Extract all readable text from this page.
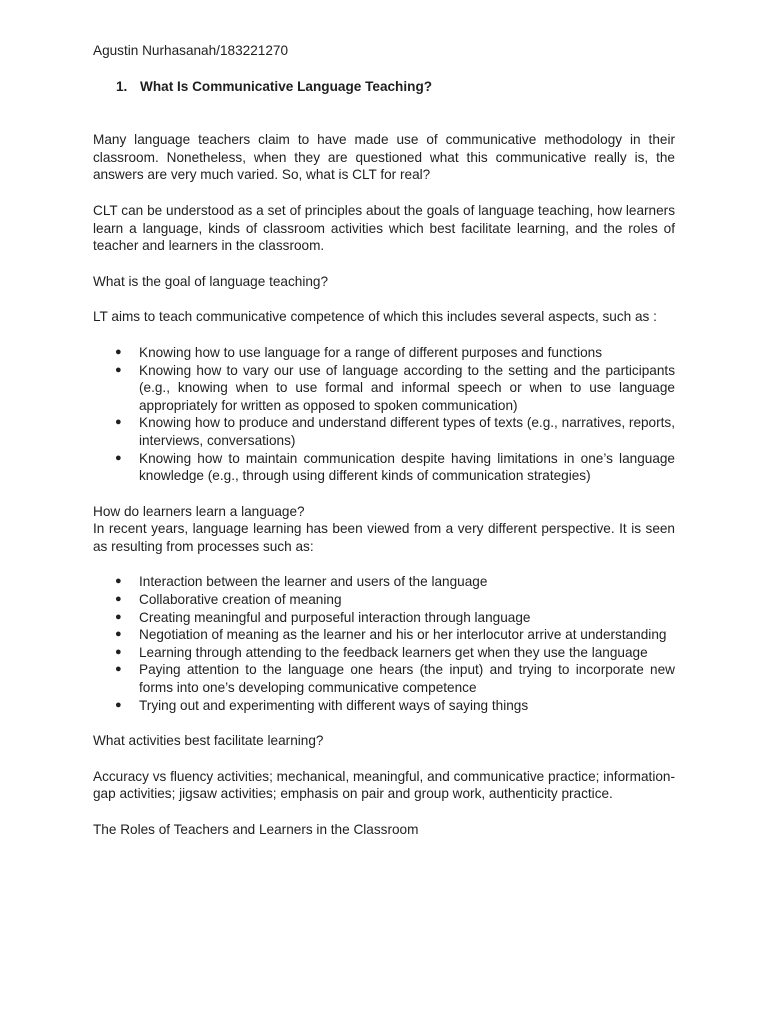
Agustin Nurhasanah/183221270

1. What Is Communicative Language Teaching?

Many language teachers claim to have made use of communicative methodology in their classroom. Nonetheless, when they are questioned what this communicative really is, the answers are very much varied. So, what is CLT for real?

CLT can be understood as a set of principles about the goals of language teaching, how learners learn a language, kinds of classroom activities which best facilitate learning, and the roles of teacher and learners in the classroom.

What is the goal of language teaching?

LT aims to teach communicative competence of which this includes several aspects, such as :

● Knowing how to use language for a range of different purposes and functions
● Knowing how to vary our use of language according to the setting and the participants (e.g., knowing when to use formal and informal speech or when to use language appropriately for written as opposed to spoken communication)
● Knowing how to produce and understand different types of texts (e.g., narratives, reports, interviews, conversations)
● Knowing how to maintain communication despite having limitations in one’s language knowledge (e.g., through using different kinds of communication strategies)

How do learners learn a language?

In recent years, language learning has been viewed from a very different perspective. It is seen as resulting from processes such as:

● Interaction between the learner and users of the language
● Collaborative creation of meaning
● Creating meaningful and purposeful interaction through language
● Negotiation of meaning as the learner and his or her interlocutor arrive at understanding
● Learning through attending to the feedback learners get when they use the language
● Paying attention to the language one hears (the input) and trying to incorporate new forms into one’s developing communicative competence
● Trying out and experimenting with different ways of saying things

What activities best facilitate learning?

Accuracy vs fluency activities; mechanical, meaningful, and communicative practice; information-gap activities; jigsaw activities; emphasis on pair and group work, authenticity practice.

The Roles of Teachers and Learners in the Classroom
